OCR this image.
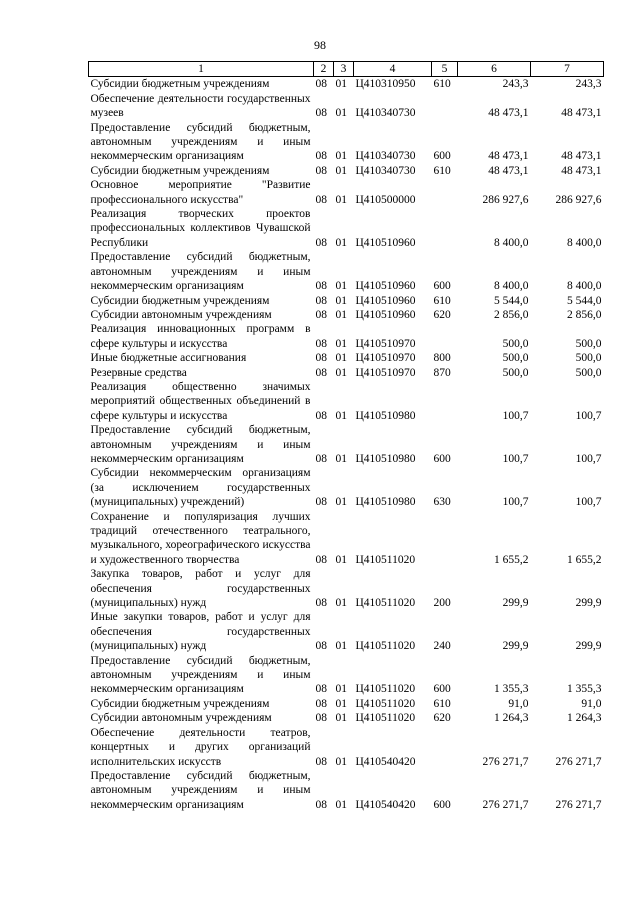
98
1	2	3	4	5	6	7
Субсидии бюджетным учреждениям	08	01	Ц410310950	610	243,3	243,3
Обеспечение деятельности государственных музеев	08	01	Ц410340730		48 473,1	48 473,1
Предоставление субсидий бюджетным, автономным учреждениям и иным некоммерческим организациям	08	01	Ц410340730	600	48 473,1	48 473,1
Субсидии бюджетным учреждениям	08	01	Ц410340730	610	48 473,1	48 473,1
Основное мероприятие "Развитие профессионального искусства"	08	01	Ц410500000		286 927,6	286 927,6
Реализация творческих проектов профессиональных коллективов Чувашской Республики	08	01	Ц410510960		8 400,0	8 400,0
Предоставление субсидий бюджетным, автономным учреждениям и иным некоммерческим организациям	08	01	Ц410510960	600	8 400,0	8 400,0
Субсидии бюджетным учреждениям	08	01	Ц410510960	610	5 544,0	5 544,0
Субсидии автономным учреждениям	08	01	Ц410510960	620	2 856,0	2 856,0
Реализация инновационных программ в сфере культуры и искусства	08	01	Ц410510970		500,0	500,0
Иные бюджетные ассигнования	08	01	Ц410510970	800	500,0	500,0
Резервные средства	08	01	Ц410510970	870	500,0	500,0
Реализация общественно значимых мероприятий общественных объединений в сфере культуры и искусства	08	01	Ц410510980		100,7	100,7
Предоставление субсидий бюджетным, автономным учреждениям и иным некоммерческим организациям	08	01	Ц410510980	600	100,7	100,7
Субсидии некоммерческим организациям (за исключением государственных (муниципальных) учреждений)	08	01	Ц410510980	630	100,7	100,7
Сохранение и популяризация лучших традиций отечественного театрального, музыкального, хореографического искусства и художественного творчества	08	01	Ц410511020		1 655,2	1 655,2
Закупка товаров, работ и услуг для обеспечения государственных (муниципальных) нужд	08	01	Ц410511020	200	299,9	299,9
Иные закупки товаров, работ и услуг для обеспечения государственных (муниципальных) нужд	08	01	Ц410511020	240	299,9	299,9
Предоставление субсидий бюджетным, автономным учреждениям и иным некоммерческим организациям	08	01	Ц410511020	600	1 355,3	1 355,3
Субсидии бюджетным учреждениям	08	01	Ц410511020	610	91,0	91,0
Субсидии автономным учреждениям	08	01	Ц410511020	620	1 264,3	1 264,3
Обеспечение деятельности театров, концертных и других организаций исполнительских искусств	08	01	Ц410540420		276 271,7	276 271,7
Предоставление субсидий бюджетным, автономным учреждениям и иным некоммерческим организациям	08	01	Ц410540420	600	276 271,7	276 271,7
